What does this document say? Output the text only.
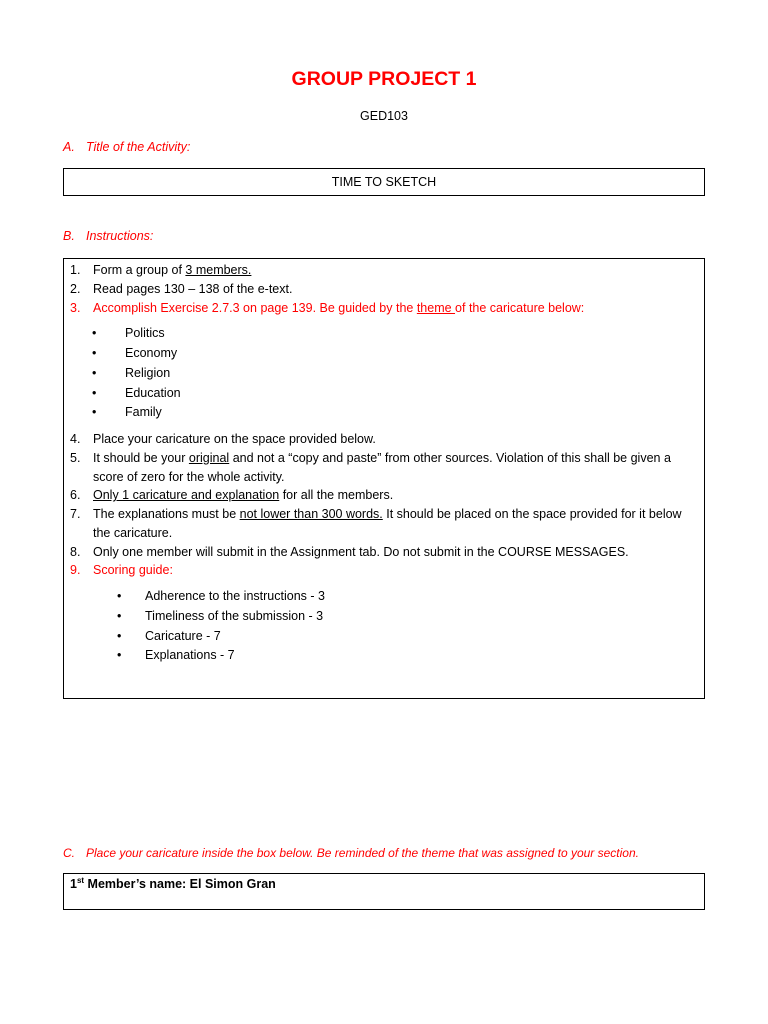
GROUP PROJECT 1
GED103
A. Title of the Activity:
TIME TO SKETCH
B. Instructions:
1.	Form a group of 3 members.
2.	Read pages 130 – 138 of the e-text.
3.	Accomplish Exercise 2.7.3 on page 139. Be guided by the theme of the caricature below:
•	Politics
•	Economy
•	Religion
•	Education
•	Family
4.	Place your caricature on the space provided below.
5.	It should be your original and not a “copy and paste” from other sources. Violation of this shall be given a score of zero for the whole activity.
6.	Only 1 caricature and explanation for all the members.
7.	The explanations must be not lower than 300 words. It should be placed on the space provided for it below the caricature.
8.	Only one member will submit in the Assignment tab. Do not submit in the COURSE MESSAGES.
9.	Scoring guide:
•	Adherence to the instructions - 3
•	Timeliness of the submission - 3
•	Caricature - 7
•	Explanations - 7
C. Place your caricature inside the box below. Be reminded of the theme that was assigned to your section.
1st Member’s name: El Simon Gran
